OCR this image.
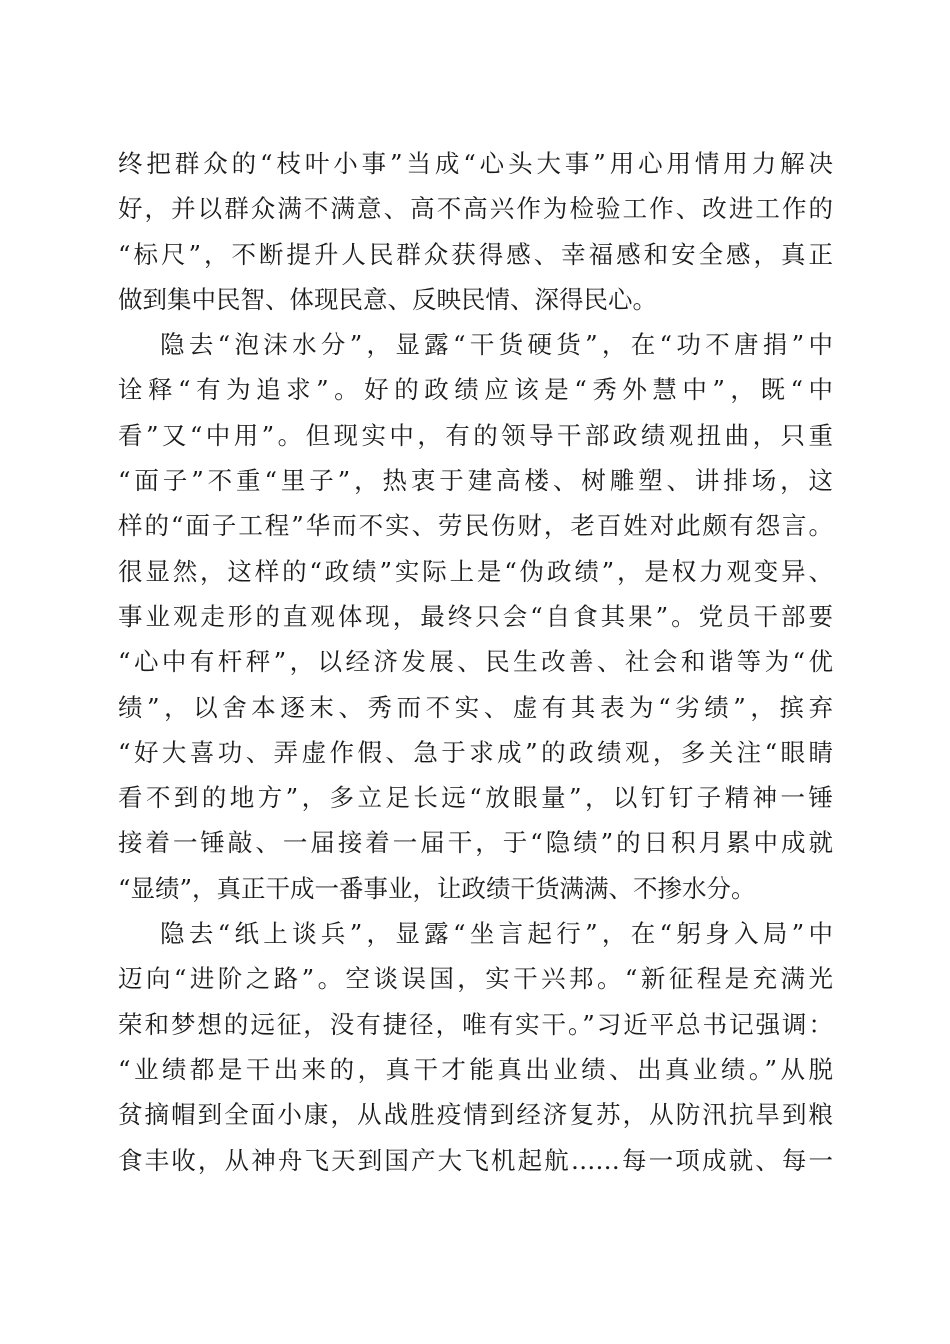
终把群众的“枝叶小事”当成“心头大事”用心用情用力解决
好，并以群众满不满意、高不高兴作为检验工作、改进工作的
“标尺”，不断提升人民群众获得感、幸福感和安全感，真正
做到集中民智、体现民意、反映民情、深得民心。
隐去“泡沫水分”，显露“干货硬货”，在“功不唐捐”中
诠释“有为追求”。好的政绩应该是“秀外慧中”，既“中
看”又“中用”。但现实中，有的领导干部政绩观扭曲，只重
“面子”不重“里子”，热衷于建高楼、树雕塑、讲排场，这
样的“面子工程”华而不实、劳民伤财，老百姓对此颇有怨言。
很显然，这样的“政绩”实际上是“伪政绩”，是权力观变异、
事业观走形的直观体现，最终只会“自食其果”。党员干部要
“心中有杆秤”，以经济发展、民生改善、社会和谐等为“优
绩”，以舍本逐末、秀而不实、虚有其表为“劣绩”，摈弃
“好大喜功、弄虚作假、急于求成”的政绩观，多关注“眼睛
看不到的地方”，多立足长远“放眼量”，以钉钉子精神一锤
接着一锤敲、一届接着一届干，于“隐绩”的日积月累中成就
“显绩”，真正干成一番事业，让政绩干货满满、不掺水分。
隐去“纸上谈兵”，显露“坐言起行”，在“躬身入局”中
迈向“进阶之路”。空谈误国，实干兴邦。“新征程是充满光
荣和梦想的远征，没有捷径，唯有实干。”习近平总书记强调：
“业绩都是干出来的，真干才能真出业绩、出真业绩。”从脱
贫摘帽到全面小康，从战胜疫情到经济复苏，从防汛抗旱到粮
食丰收，从神舟飞天到国产大飞机起航……每一项成就、每一
